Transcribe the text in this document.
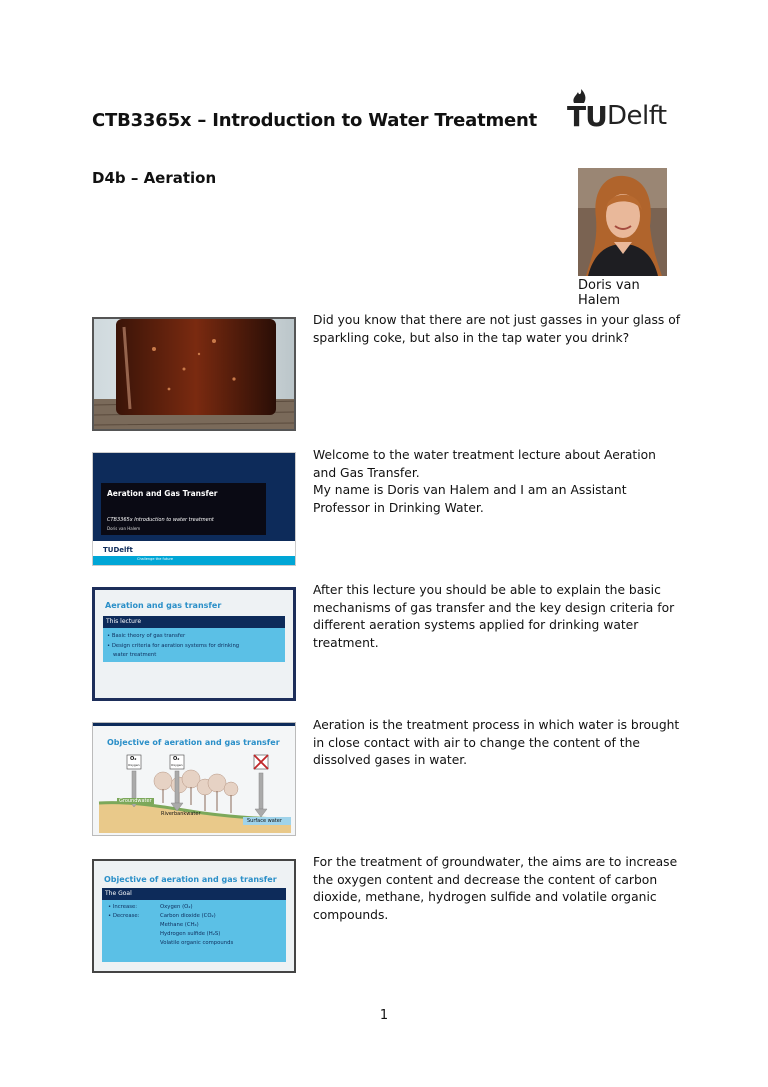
CTB3365x – Introduction to Water Treatment TU Delft
D4b – Aeration
Doris van Halem
Did you know that there are not just gasses in your glass of sparkling coke, but also in the tap water you drink?
Aeration and Gas Transfer
CTB3365x Introduction to water treatment
Doris van Halem
TUDelft
Challenge the future
Welcome to the water treatment lecture about Aeration and Gas Transfer.
My name is Doris van Halem and I am an Assistant Professor in Drinking Water.
Aeration and gas transfer
This lecture
• Basic theory of gas transfer
• Design criteria for aeration systems for drinking
water treatment
After this lecture you should be able to explain the basic mechanisms of gas transfer and the key design criteria for different aeration systems applied for drinking water treatment.
Objective of aeration and gas transfer
O₂
Oxygen
O₂
Oxygen
Groundwater
Riverbankwater
Surface water
Aeration is the treatment process in which water is brought in close contact with air to change the content of the dissolved gases in water.
Objective of aeration and gas transfer
The Goal
• Increase:
• Decrease:
Oxygen (O₂)
Carbon dioxide (CO₂)
Methane (CH₄)
Hydrogen sulfide (H₂S)
Volatile organic compounds
For the treatment of groundwater, the aims are to increase the oxygen content and decrease the content of carbon dioxide, methane, hydrogen sulfide and volatile organic compounds.
1
